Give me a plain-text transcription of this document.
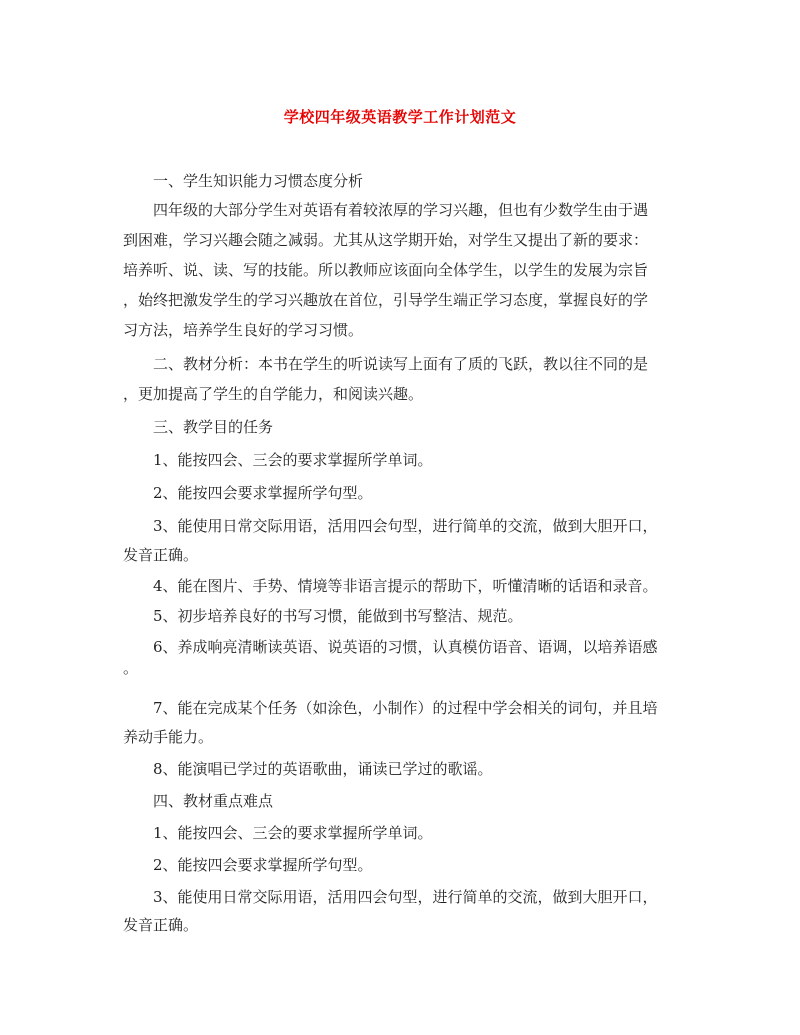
学校四年级英语教学工作计划范文
　　一、学生知识能力习惯态度分析
　　四年级的大部分学生对英语有着较浓厚的学习兴趣，但也有少数学生由于遇
到困难，学习兴趣会随之减弱。尤其从这学期开始，对学生又提出了新的要求：
培养听、说、读、写的技能。所以教师应该面向全体学生，以学生的发展为宗旨
，始终把激发学生的学习兴趣放在首位，引导学生端正学习态度，掌握良好的学
习方法，培养学生良好的学习习惯。
　　二、教材分析：本书在学生的听说读写上面有了质的飞跃，教以往不同的是
，更加提高了学生的自学能力，和阅读兴趣。
　　三、教学目的任务
　　1、能按四会、三会的要求掌握所学单词。
　　2、能按四会要求掌握所学句型。
　　3、能使用日常交际用语，活用四会句型，进行简单的交流，做到大胆开口，
发音正确。
　　4、能在图片、手势、情境等非语言提示的帮助下，听懂清晰的话语和录音。
　　5、初步培养良好的书写习惯，能做到书写整洁、规范。
　　6、养成响亮清晰读英语、说英语的习惯，认真模仿语音、语调，以培养语感
。
　　7、能在完成某个任务（如涂色，小制作）的过程中学会相关的词句，并且培
养动手能力。
　　8、能演唱已学过的英语歌曲，诵读已学过的歌谣。
　　四、教材重点难点
　　1、能按四会、三会的要求掌握所学单词。
　　2、能按四会要求掌握所学句型。
　　3、能使用日常交际用语，活用四会句型，进行简单的交流，做到大胆开口，
发音正确。
